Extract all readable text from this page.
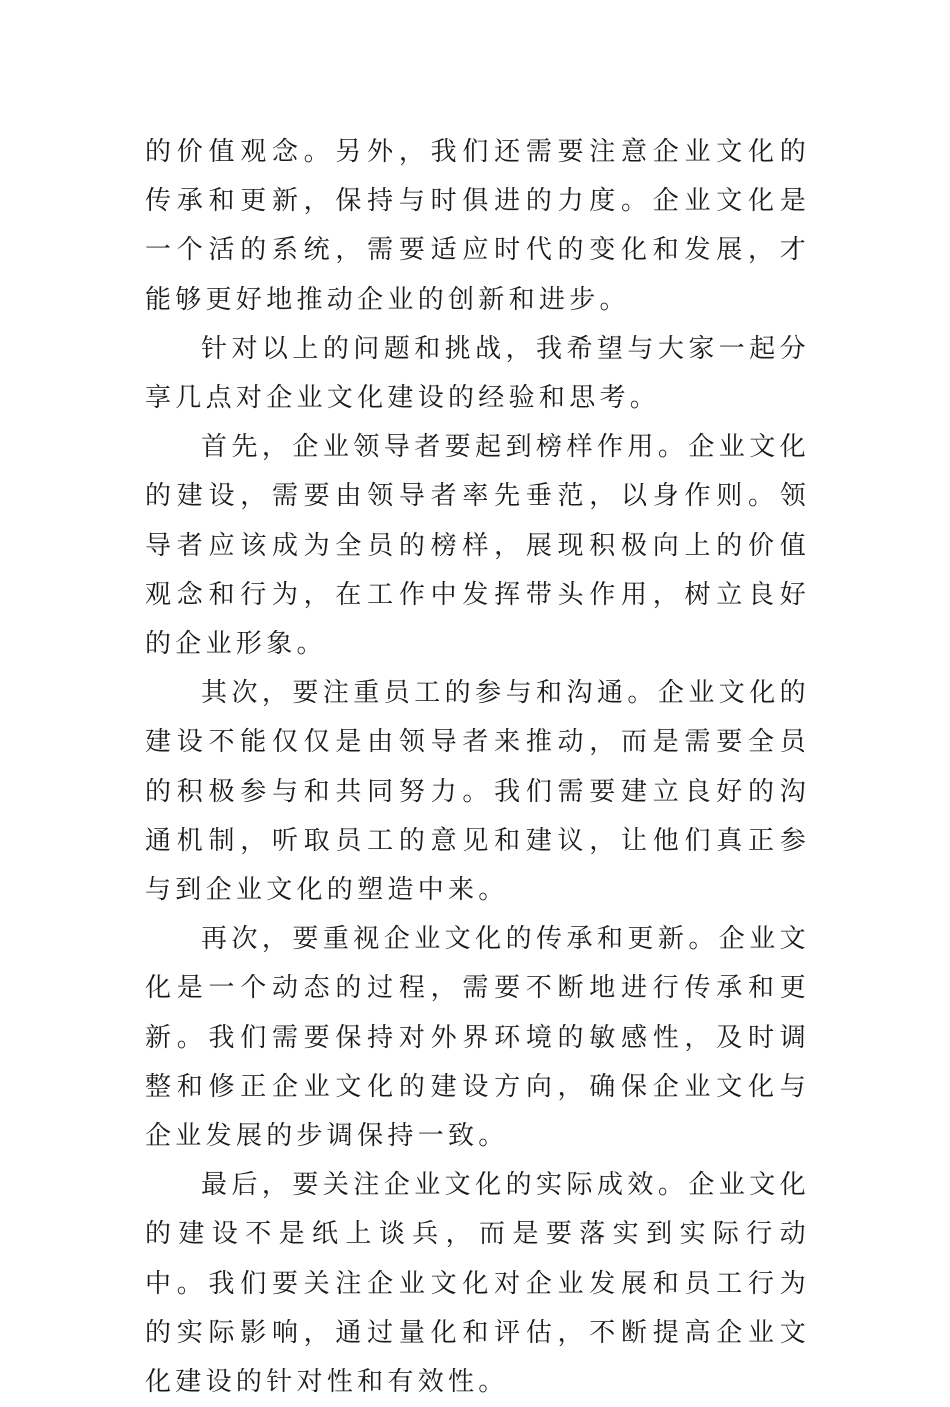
的价值观念。另外，我们还需要注意企业文化的传承和更新，保持与时俱进的力度。企业文化是一个活的系统，需要适应时代的变化和发展，才能够更好地推动企业的创新和进步。

针对以上的问题和挑战，我希望与大家一起分享几点对企业文化建设的经验和思考。

首先，企业领导者要起到榜样作用。企业文化的建设，需要由领导者率先垂范，以身作则。领导者应该成为全员的榜样，展现积极向上的价值观念和行为，在工作中发挥带头作用，树立良好的企业形象。

其次，要注重员工的参与和沟通。企业文化的建设不能仅仅是由领导者来推动，而是需要全员的积极参与和共同努力。我们需要建立良好的沟通机制，听取员工的意见和建议，让他们真正参与到企业文化的塑造中来。

再次，要重视企业文化的传承和更新。企业文化是一个动态的过程，需要不断地进行传承和更新。我们需要保持对外界环境的敏感性，及时调整和修正企业文化的建设方向，确保企业文化与企业发展的步调保持一致。

最后，要关注企业文化的实际成效。企业文化的建设不是纸上谈兵，而是要落实到实际行动中。我们要关注企业文化对企业发展和员工行为的实际影响，通过量化和评估，不断提高企业文化建设的针对性和有效性。
